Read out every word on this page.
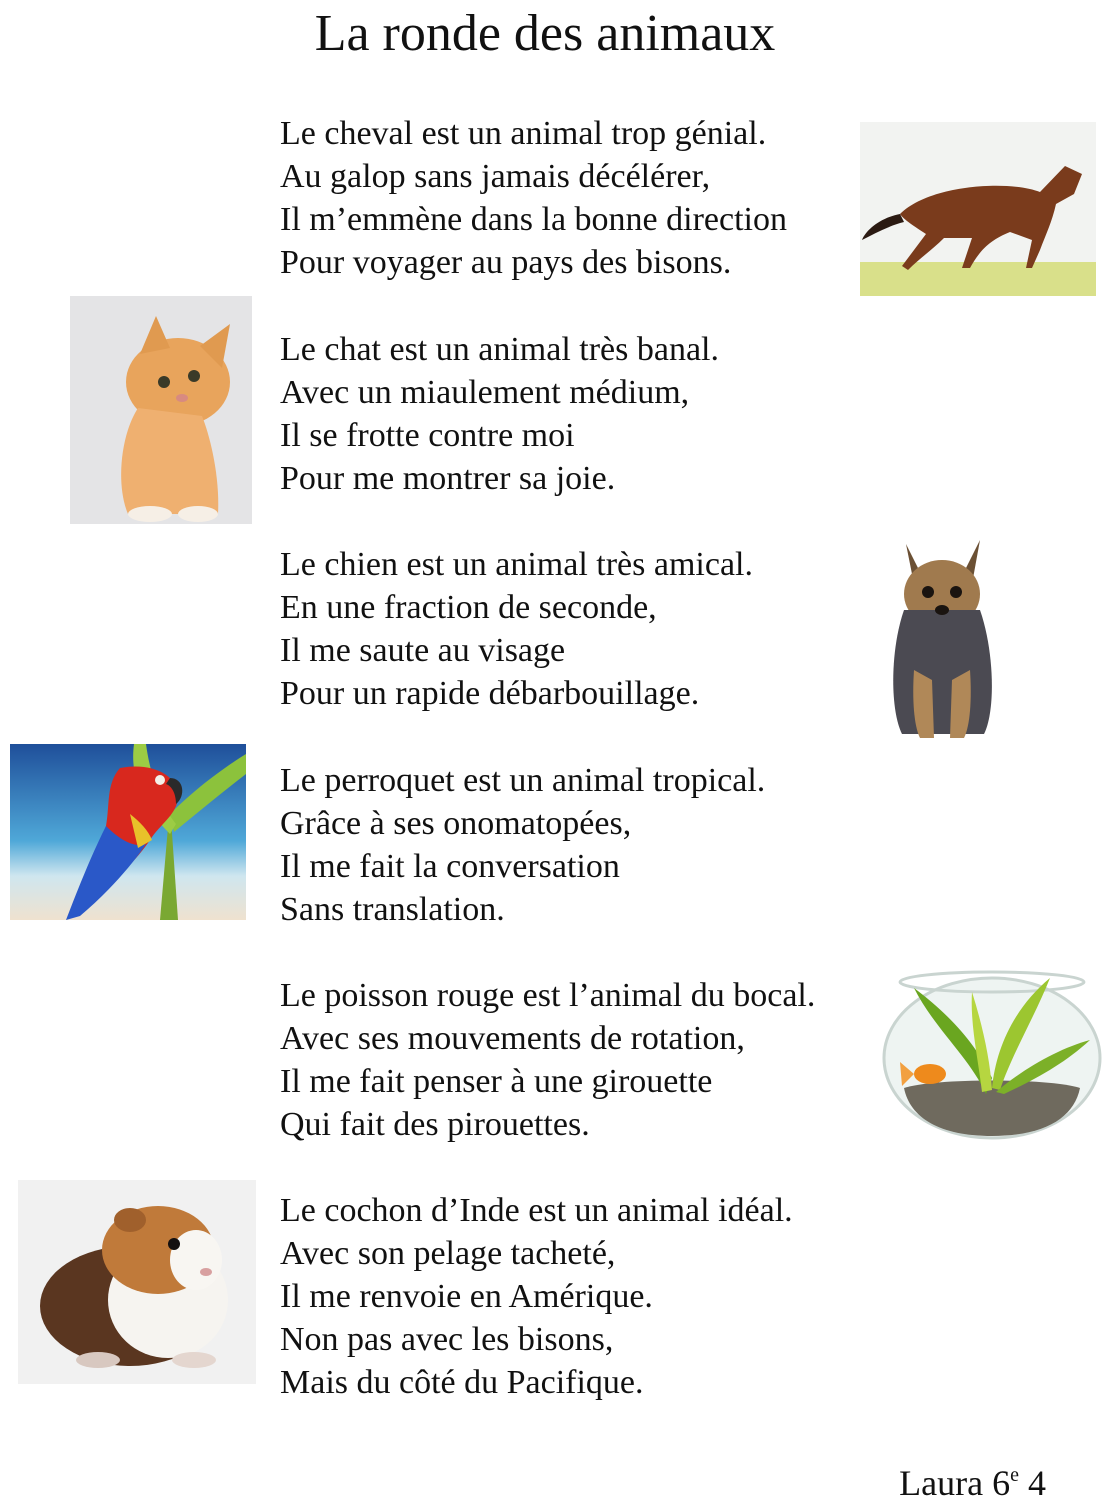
La ronde des animaux
Le cheval est un animal trop génial.
Au galop sans jamais décélérer,
Il m’emmène dans la bonne direction
Pour voyager au pays des bisons.
Le chat est un animal très banal.
Avec un miaulement médium,
Il se frotte contre moi
Pour me montrer sa joie.
Le chien est un animal très amical.
En une fraction de seconde,
Il me saute au visage
Pour un rapide débarbouillage.
Le perroquet est un animal tropical.
Grâce à ses onomatopées,
Il me fait la conversation
Sans translation.
Le poisson rouge est l’animal du bocal.
Avec ses mouvements de rotation,
Il me fait penser à une girouette
Qui fait des pirouettes.
Le cochon d’Inde est un animal idéal.
Avec son pelage tacheté,
Il me renvoie en Amérique.
Non pas avec les bisons,
Mais du côté du Pacifique.
Laura 6e 4
